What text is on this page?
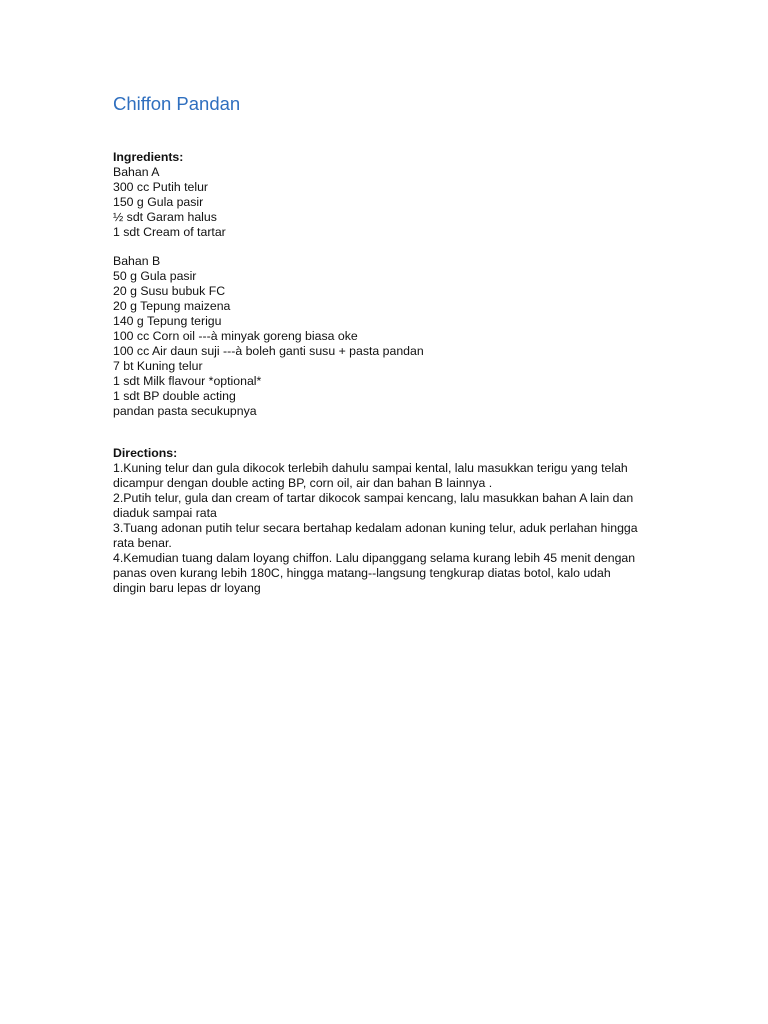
Chiffon Pandan

Ingredients:

Bahan A

300 cc Putih telur

150 g Gula pasir

½ sdt Garam halus

1 sdt Cream of tartar

Bahan B

50 g Gula pasir

20 g Susu bubuk FC

20 g Tepung maizena

140 g Tepung terigu

100 cc Corn oil ---à minyak goreng biasa oke

100 cc Air daun suji ---à boleh ganti susu + pasta pandan

7 bt Kuning telur

1 sdt Milk flavour *optional*

1 sdt BP double acting

pandan pasta secukupnya

Directions:

1.Kuning telur dan gula dikocok terlebih dahulu sampai kental, lalu masukkan terigu yang telah

dicampur dengan double acting BP, corn oil, air dan bahan B lainnya .

2.Putih telur, gula dan cream of tartar dikocok sampai kencang, lalu masukkan bahan A lain dan

diaduk sampai rata

3.Tuang adonan putih telur secara bertahap kedalam adonan kuning telur, aduk perlahan hingga

rata benar.

4.Kemudian tuang dalam loyang chiffon. Lalu dipanggang selama kurang lebih 45 menit dengan

panas oven kurang lebih 180C, hingga matang--langsung tengkurap diatas botol, kalo udah

dingin baru lepas dr loyang
